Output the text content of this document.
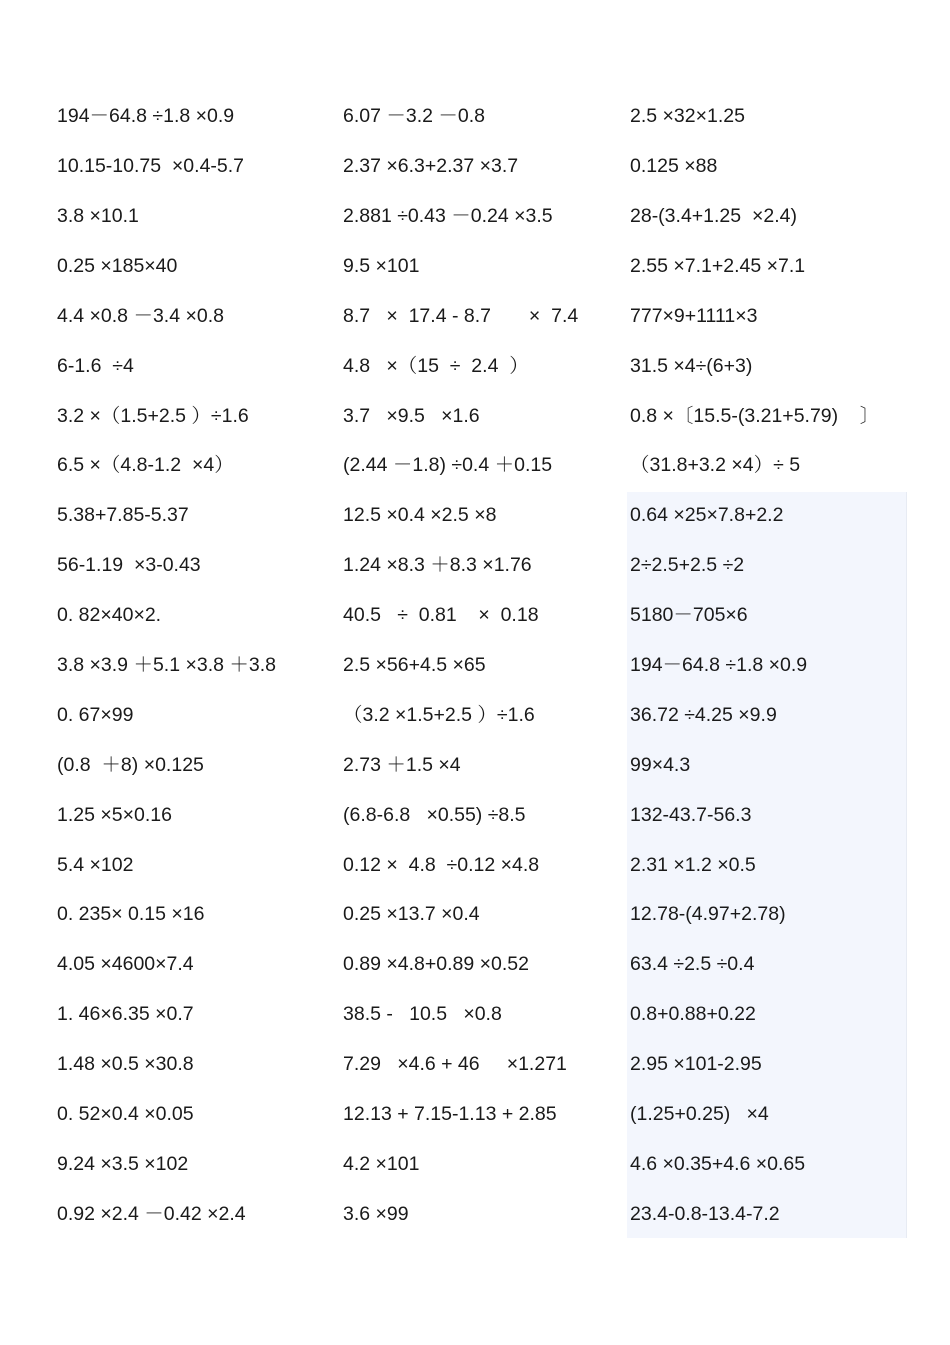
194－64.8 ÷1.8 ×0.9	6.07 －3.2 －0.8	2.5 ×32×1.25
10.15-10.75  ×0.4-5.7	2.37 ×6.3+2.37 ×3.7	0.125 ×88
3.8 ×10.1	2.881 ÷0.43 －0.24 ×3.5	28-(3.4+1.25  ×2.4)
0.25 ×185×40	9.5 ×101	2.55 ×7.1+2.45 ×7.1
4.4 ×0.8 －3.4 ×0.8	8.7   ×  17.4 - 8.7       ×  7.4	777×9+1111×3
6-1.6  ÷4	4.8   ×（15  ÷  2.4  ）	31.5 ×4÷(6+3)
3.2 ×（1.5+2.5 ）÷1.6	3.7   ×9.5   ×1.6	0.8 ×〔15.5-(3.21+5.79)    〕
6.5 ×（4.8-1.2  ×4）	(2.44 －1.8) ÷0.4 ＋0.15	（31.8+3.2 ×4）÷ 5
5.38+7.85-5.37	12.5 ×0.4 ×2.5 ×8	0.64 ×25×7.8+2.2
56-1.19  ×3-0.43	1.24 ×8.3 ＋8.3 ×1.76	2÷2.5+2.5 ÷2
0. 82×40×2.	40.5   ÷  0.81    ×  0.18	5180－705×6
3.8 ×3.9 ＋5.1 ×3.8 ＋3.8	2.5 ×56+4.5 ×65	194－64.8 ÷1.8 ×0.9
0. 67×99	（3.2 ×1.5+2.5 ）÷1.6	36.72 ÷4.25 ×9.9
(0.8  ＋8) ×0.125	2.73 ＋1.5 ×4	99×4.3
1.25 ×5×0.16	(6.8-6.8   ×0.55) ÷8.5	132-43.7-56.3
5.4 ×102	0.12 ×  4.8  ÷0.12 ×4.8	2.31 ×1.2 ×0.5
0. 235× 0.15 ×16	0.25 ×13.7 ×0.4	12.78-(4.97+2.78)
4.05 ×4600×7.4	0.89 ×4.8+0.89 ×0.52	63.4 ÷2.5 ÷0.4
1. 46×6.35 ×0.7	38.5 -   10.5   ×0.8	0.8+0.88+0.22
1.48 ×0.5 ×30.8	7.29   ×4.6 + 46     ×1.271	2.95 ×101-2.95
0. 52×0.4 ×0.05	12.13 + 7.15-1.13 + 2.85	(1.25+0.25)   ×4
9.24 ×3.5 ×102	4.2 ×101	4.6 ×0.35+4.6 ×0.65
0.92 ×2.4 －0.42 ×2.4	3.6 ×99	23.4-0.8-13.4-7.2
